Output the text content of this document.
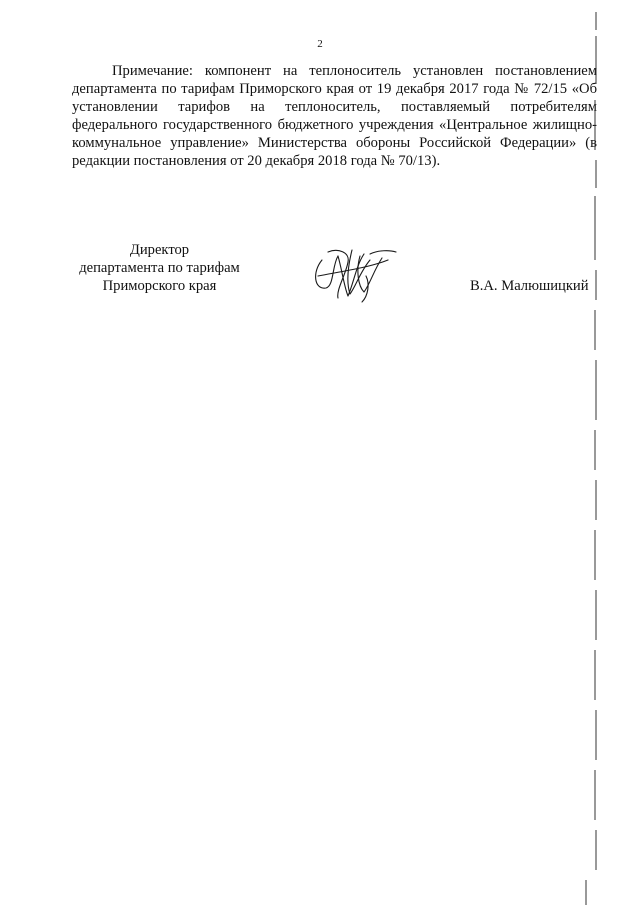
2
Примечание: компонент на теплоноситель установлен постановлением департамента по тарифам Приморского края от 19 декабря 2017 года № 72/15 «Об установлении тарифов на теплоноситель, поставляемый потребителям федерального государственного бюджетного учреждения «Центральное жилищно-коммунальное управление» Министерства обороны Российской Федерации» (в редакции постановления от 20 декабря 2018 года № 70/13).
Директор
департамента по тарифам
Приморского края	В.А. Малюшицкий
